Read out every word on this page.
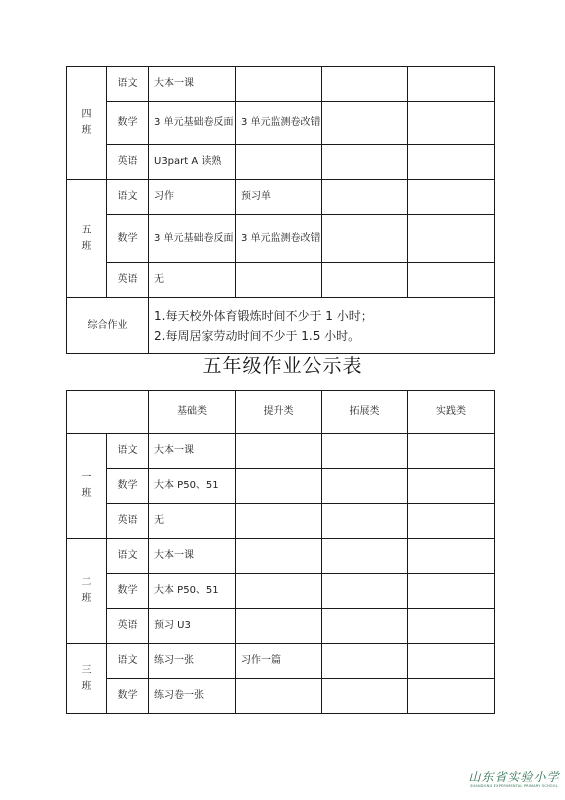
四
班	语文	大本一课			
	数学	3 单元基础卷反面	3 单元监测卷改错		
	英语	U3part A 读熟			
五
班	语文	习作	预习单		
	数学	3 单元基础卷反面	3 单元监测卷改错		
	英语	无			
综合作业		1.每天校外体育锻炼时间不少于 1 小时；
2.每周居家劳动时间不少于 1.5 小时。			
五年级作业公示表
		基础类	提升类	拓展类	实践类
一
班	语文	大本一课			
	数学	大本 P50、51			
	英语	无			
二
班	语文	大本一课			
	数学	大本 P50、51			
	英语	预习 U3			
三
班	语文	练习一张	习作一篇		
	数学	练习卷一张			
山东省实验小学
SHANDONG EXPERIMENTAL PRIMARY SCHOOL
